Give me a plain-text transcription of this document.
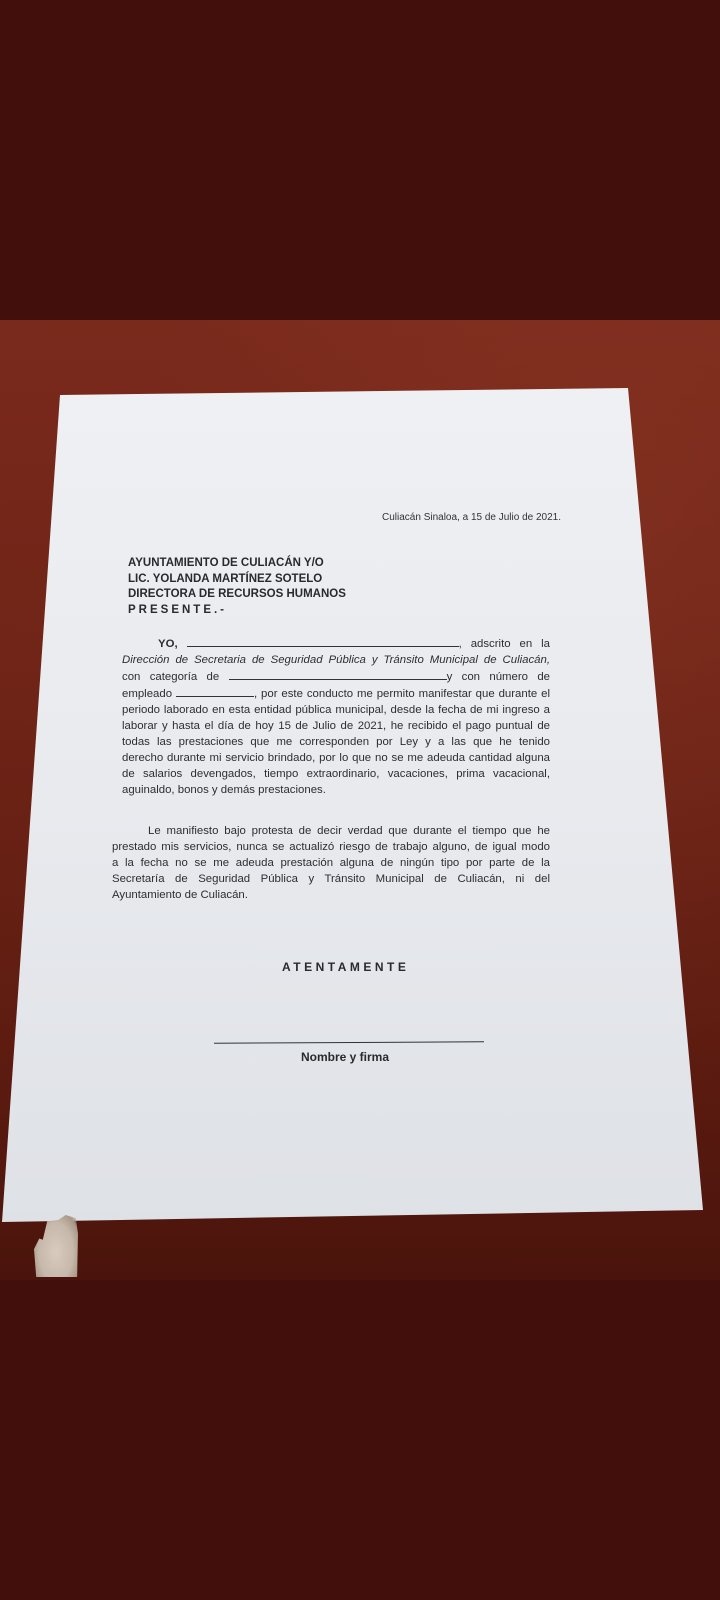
Culiacán Sinaloa, a 15 de Julio de 2021.
AYUNTAMIENTO DE CULIACÁN Y/O
LIC. YOLANDA MARTÍNEZ SOTELO
DIRECTORA DE RECURSOS HUMANOS
PRESENTE.-
YO,	, adscrito en la
Dirección de Secretaria de Seguridad Pública y Tránsito Municipal de Culiacán,
con categoría de	y con número de
empleado	, por este conducto me permito manifestar que durante el
periodo laborado en esta entidad pública municipal, desde la fecha de mi ingreso a
laborar y hasta el día de hoy 15 de Julio de 2021, he recibido el pago puntual de
todas las prestaciones que me corresponden por Ley y a las que he tenido
derecho durante mi servicio brindado, por lo que no se me adeuda cantidad alguna
de salarios devengados, tiempo extraordinario, vacaciones, prima vacacional,
aguinaldo, bonos y demás prestaciones.
Le manifiesto bajo protesta de decir verdad que durante el tiempo que he
prestado mis servicios, nunca se actualizó riesgo de trabajo alguno, de igual modo
a la fecha no se me adeuda prestación alguna de ningún tipo por parte de la
Secretaría de Seguridad Pública y Tránsito Municipal de Culiacán, ni del
Ayuntamiento de Culiacán.
ATENTAMENTE
Nombre y firma
